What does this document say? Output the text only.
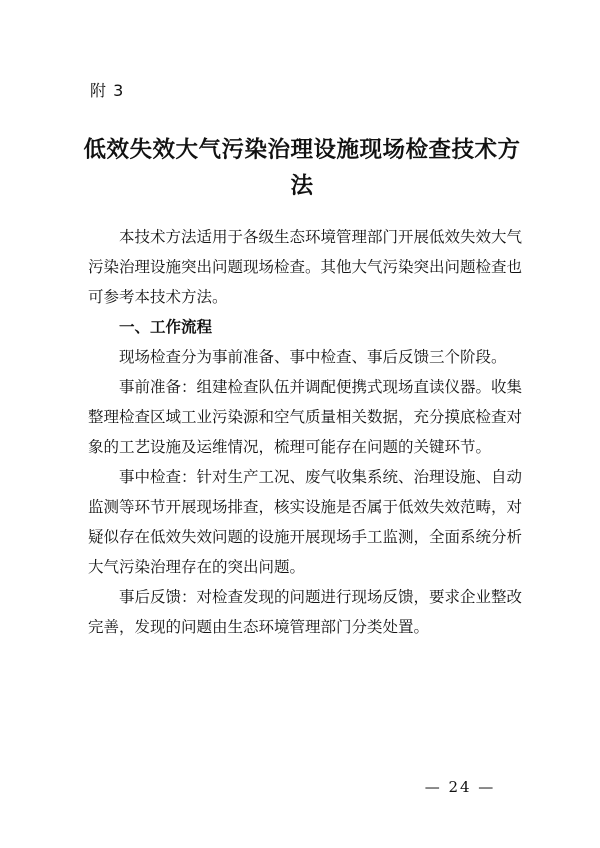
附 3
低效失效大气污染治理设施现场检查技术方法

本技术方法适用于各级生态环境管理部门开展低效失效大气污染治理设施突出问题现场检查。其他大气污染突出问题检查也可参考本技术方法。

一、工作流程

现场检查分为事前准备、事中检查、事后反馈三个阶段。

事前准备：组建检查队伍并调配便携式现场直读仪器。收集整理检查区域工业污染源和空气质量相关数据，充分摸底检查对象的工艺设施及运维情况，梳理可能存在问题的关键环节。

事中检查：针对生产工况、废气收集系统、治理设施、自动监测等环节开展现场排查，核实设施是否属于低效失效范畴，对疑似存在低效失效问题的设施开展现场手工监测，全面系统分析大气污染治理存在的突出问题。

事后反馈：对检查发现的问题进行现场反馈，要求企业整改完善，发现的问题由生态环境管理部门分类处置。

— 24 —
